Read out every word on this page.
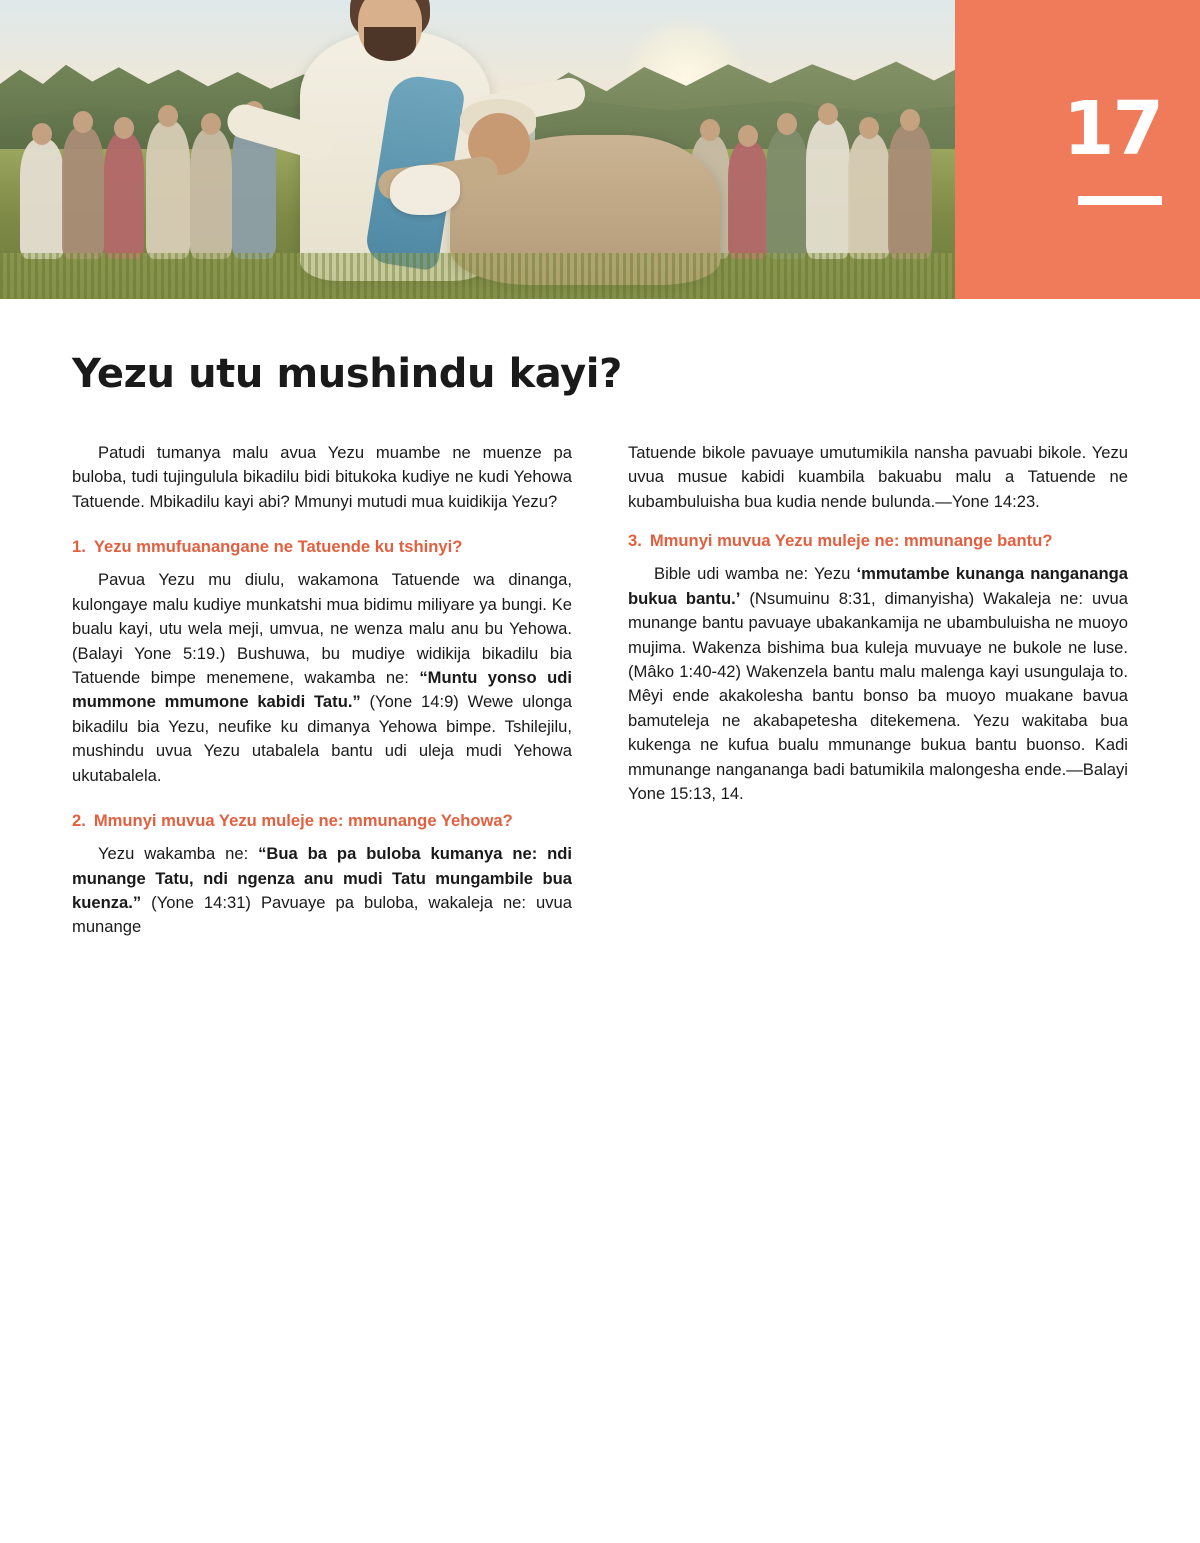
17
Yezu utu mushindu kayi?

Patudi tumanya malu avua Yezu muambe ne muenze pa buloba, tudi tujingulula bikadilu bidi bitukoka kudiye ne kudi Yehowa Tatuende. Mbikadilu kayi abi? Mmunyi mutudi mua kuidikija Yezu?

1. Yezu mmufuanangane ne Tatuende ku tshinyi?

Pavua Yezu mu diulu, wakamona Tatuende wa dinanga, kulongaye malu kudiye munkatshi mua bidimu miliyare ya bungi. Ke bualu kayi, utu wela meji, umvua, ne wenza malu anu bu Yehowa. (Balayi Yone 5:19.) Bushuwa, bu mudiye widikija bikadilu bia Tatuende bimpe menemene, wakamba ne: “Muntu yonso udi mummone mmumone kabidi Tatu.” (Yone 14:9) Wewe ulonga bikadilu bia Yezu, neufike ku dimanya Yehowa bimpe. Tshilejilu, mushindu uvua Yezu utabalela bantu udi uleja mudi Yehowa ukutabalela.

2. Mmunyi muvua Yezu muleje ne: mmunange Yehowa?

Yezu wakamba ne: “Bua ba pa buloba kumanya ne: ndi munange Tatu, ndi ngenza anu mudi Tatu mungambile bua kuenza.” (Yone 14:31) Pavuaye pa buloba, wakaleja ne: uvua munange

Tatuende bikole pavuaye umutumikila nansha pavuabi bikole. Yezu uvua musue kabidi kuambila bakuabu malu a Tatuende ne kubambuluisha bua kudia nende bulunda.—Yone 14:23.

3. Mmunyi muvua Yezu muleje ne: mmunange bantu?

Bible udi wamba ne: Yezu ‘mmutambe kunanga nangananga bukua bantu.’ (Nsumuinu 8:31, dimanyisha) Wakaleja ne: uvua munange bantu pavuaye ubakankamija ne ubambuluisha ne muoyo mujima. Wakenza bishima bua kuleja muvuaye ne bukole ne luse. (Mâko 1:40-42) Wakenzela bantu malu malenga kayi usungulaja to. Mêyi ende akakolesha bantu bonso ba muoyo muakane bavua bamuteleja ne akabapetesha ditekemena. Yezu wakitaba bua kukenga ne kufua bualu mmunange bukua bantu buonso. Kadi mmunange nangananga badi batumikila malongesha ende.—Balayi Yone 15:13, 14.
